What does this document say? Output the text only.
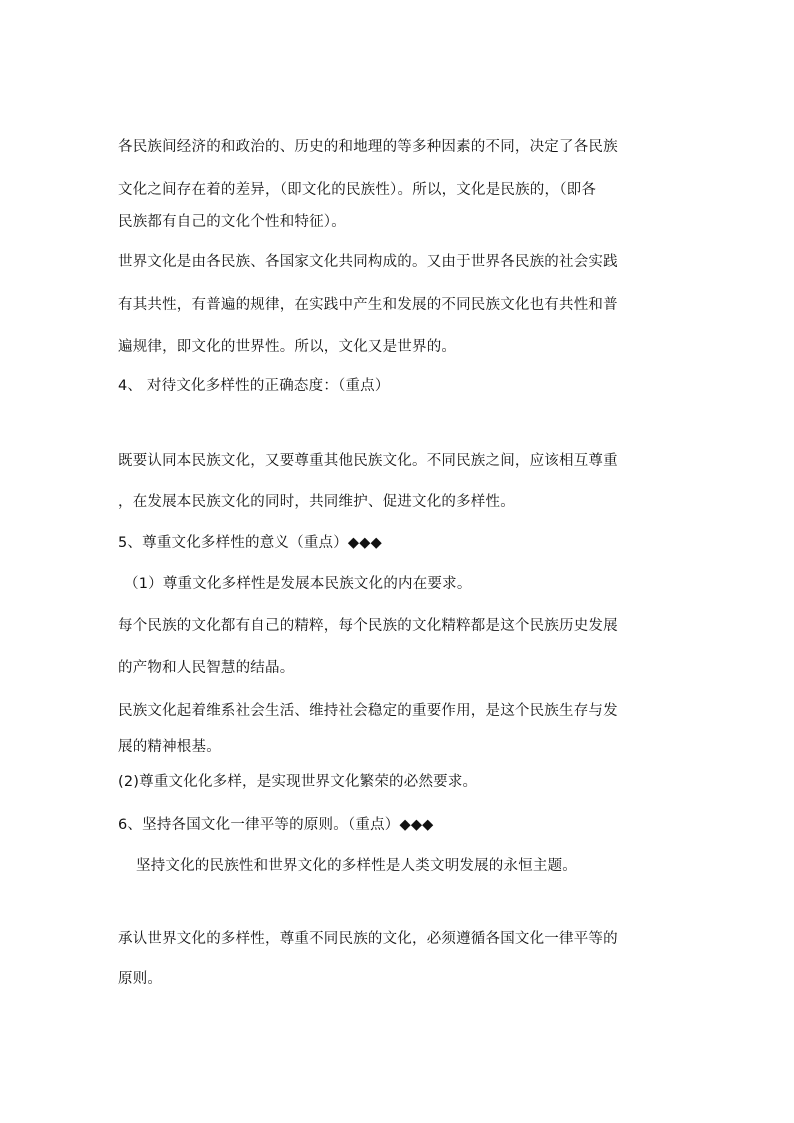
各民族间经济的和政治的、历史的和地理的等多种因素的不同，决定了各民族
文化之间存在着的差异，（即文化的民族性）。所以，文化是民族的，（即各
民族都有自己的文化个性和特征）。
世界文化是由各民族、各国家文化共同构成的。又由于世界各民族的社会实践
有其共性，有普遍的规律，在实践中产生和发展的不同民族文化也有共性和普
遍规律，即文化的世界性。所以，文化又是世界的。
4、 对待文化多样性的正确态度：（重点）
既要认同本民族文化，又要尊重其他民族文化。不同民族之间，应该相互尊重
，在发展本民族文化的同时，共同维护、促进文化的多样性。
5、尊重文化多样性的意义（重点）◆◆◆
（1）尊重文化多样性是发展本民族文化的内在要求。
每个民族的文化都有自己的精粹，每个民族的文化精粹都是这个民族历史发展
的产物和人民智慧的结晶。
民族文化起着维系社会生活、维持社会稳定的重要作用，是这个民族生存与发
展的精神根基。
(2)尊重文化化多样，是实现世界文化繁荣的必然要求。
6、坚持各国文化一律平等的原则。（重点）◆◆◆
坚持文化的民族性和世界文化的多样性是人类文明发展的永恒主题。
承认世界文化的多样性，尊重不同民族的文化，必须遵循各国文化一律平等的
原则。
